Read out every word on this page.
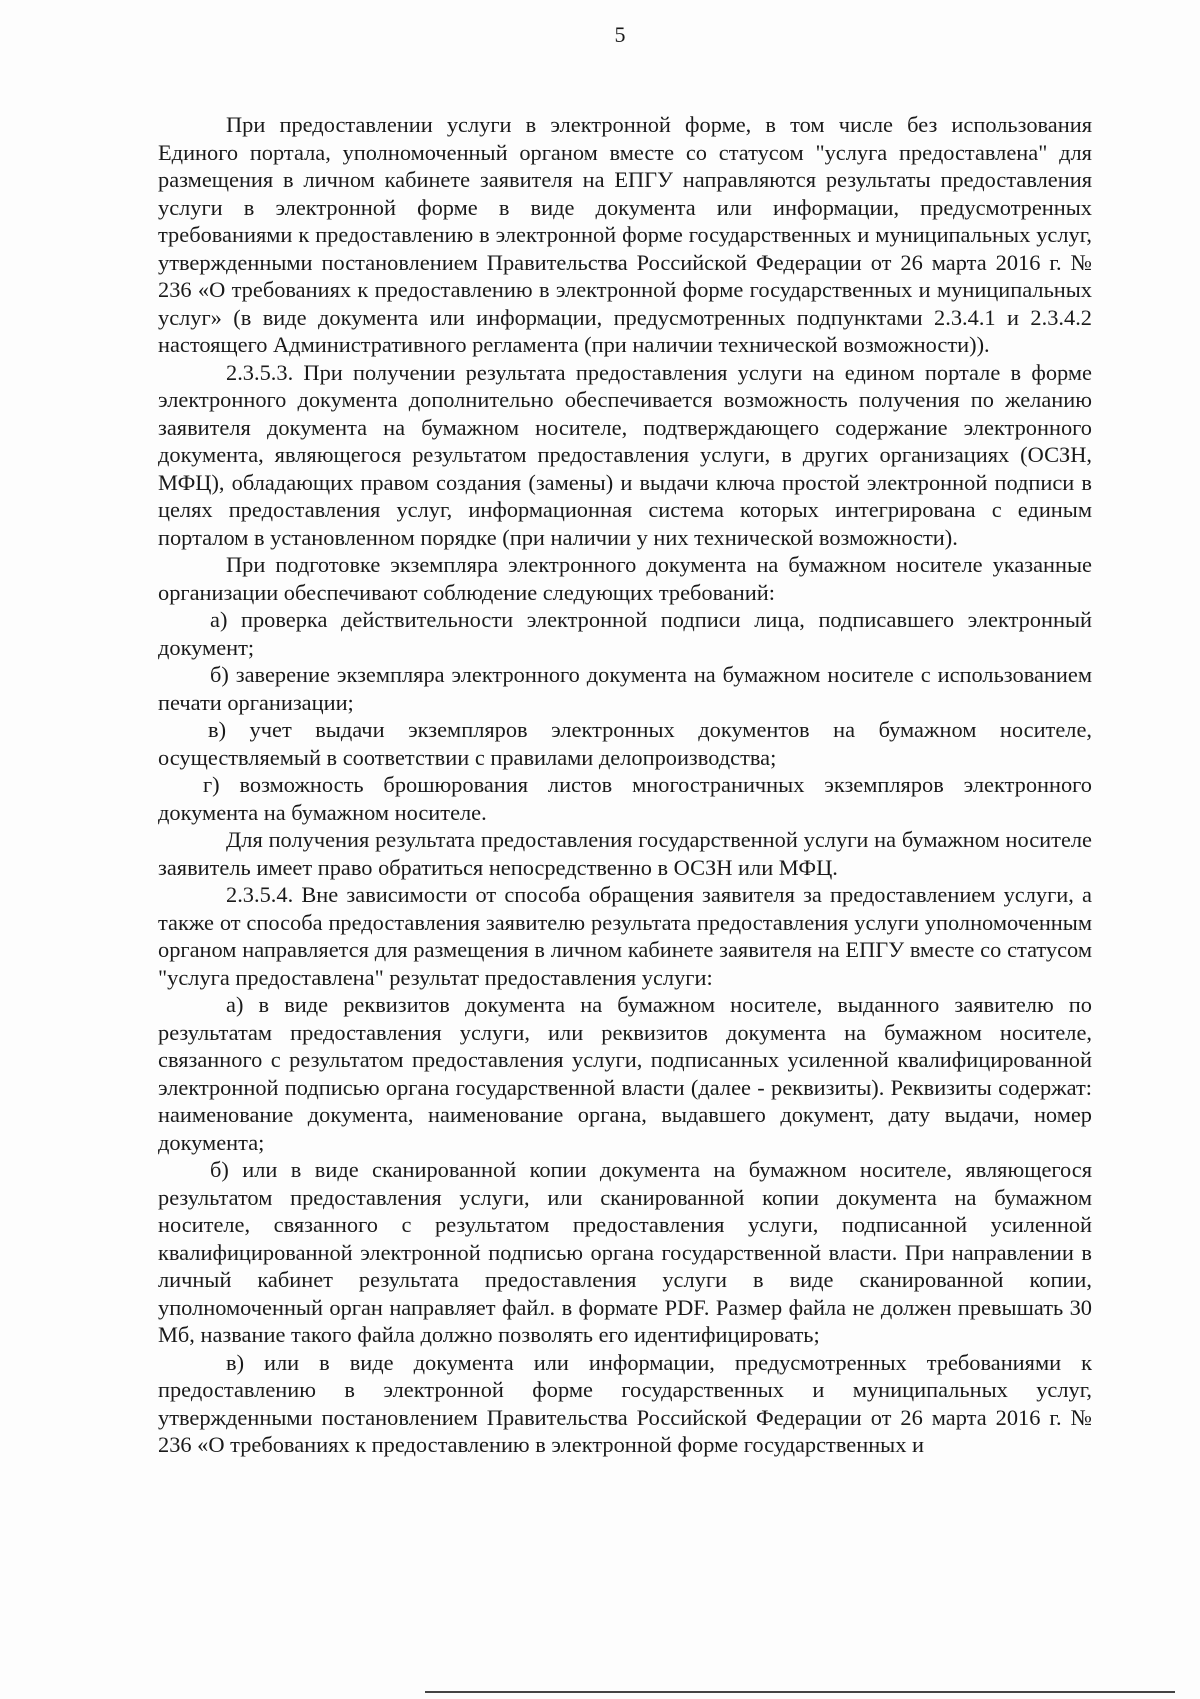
5

При предоставлении услуги в электронной форме, в том числе без использования Единого портала, уполномоченный органом вместе со статусом "услуга предоставлена" для размещения в личном кабинете заявителя на ЕПГУ направляются результаты предоставления услуги в электронной форме в виде документа или информации, предусмотренных требованиями к предоставлению в электронной форме государственных и муниципальных услуг, утвержденными постановлением Правительства Российской Федерации от 26 марта 2016 г. № 236 «О требованиях к предоставлению в электронной форме государственных и муниципальных услуг» (в виде документа или информации, предусмотренных подпунктами 2.3.4.1 и 2.3.4.2 настоящего Административного регламента (при наличии технической возможности)).

2.3.5.3. При получении результата предоставления услуги на едином портале в форме электронного документа дополнительно обеспечивается возможность получения по желанию заявителя документа на бумажном носителе, подтверждающего содержание электронного документа, являющегося результатом предоставления услуги, в других организациях (ОСЗН, МФЦ), обладающих правом создания (замены) и выдачи ключа простой электронной подписи в целях предоставления услуг, информационная система которых интегрирована с единым порталом в установленном порядке (при наличии у них технической возможности).

При подготовке экземпляра электронного документа на бумажном носителе указанные организации обеспечивают соблюдение следующих требований:

а) проверка действительности электронной подписи лица, подписавшего электронный документ;

б) заверение экземпляра электронного документа на бумажном носителе с использованием печати организации;

в) учет выдачи экземпляров электронных документов на бумажном носителе, осуществляемый в соответствии с правилами делопроизводства;

г) возможность брошюрования листов многостраничных экземпляров электронного документа на бумажном носителе.

Для получения результата предоставления государственной услуги на бумажном носителе заявитель имеет право обратиться непосредственно в ОСЗН или МФЦ.

2.3.5.4. Вне зависимости от способа обращения заявителя за предоставлением услуги, а также от способа предоставления заявителю результата предоставления услуги уполномоченным органом направляется для размещения в личном кабинете заявителя на ЕПГУ вместе со статусом "услуга предоставлена" результат предоставления услуги:

а) в виде реквизитов документа на бумажном носителе, выданного заявителю по результатам предоставления услуги, или реквизитов документа на бумажном носителе, связанного с результатом предоставления услуги, подписанных усиленной квалифицированной электронной подписью органа государственной власти (далее - реквизиты). Реквизиты содержат: наименование документа, наименование органа, выдавшего документ, дату выдачи, номер документа;

б) или в виде сканированной копии документа на бумажном носителе, являющегося результатом предоставления услуги, или сканированной копии документа на бумажном носителе, связанного с результатом предоставления услуги, подписанной усиленной квалифицированной электронной подписью органа государственной власти. При направлении в личный кабинет результата предоставления услуги в виде сканированной копии, уполномоченный орган направляет файл. в формате PDF. Размер файла не должен превышать 30 Мб, название такого файла должно позволять его идентифицировать;

в) или в виде документа или информации, предусмотренных требованиями к предоставлению в электронной форме государственных и муниципальных услуг, утвержденными постановлением Правительства Российской Федерации от 26 марта 2016 г. № 236 «О требованиях к предоставлению в электронной форме государственных и
